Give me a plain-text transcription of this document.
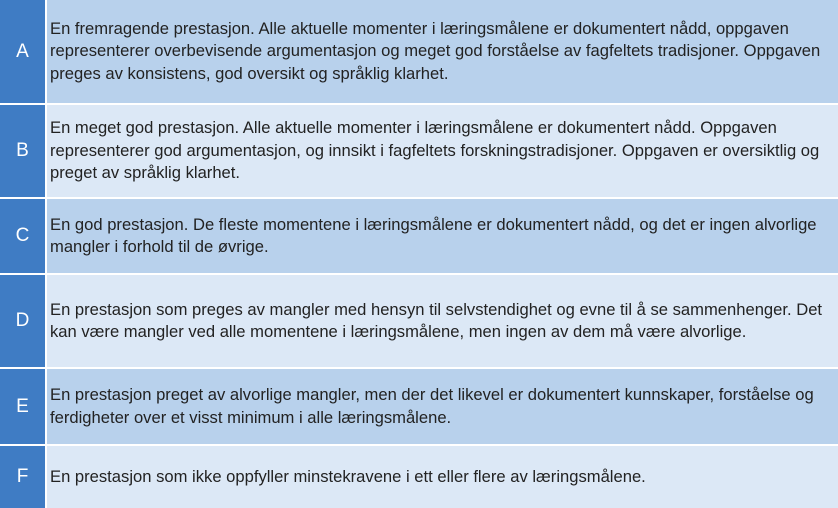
A
En fremragende prestasjon. Alle aktuelle momenter i læringsmålene er dokumentert nådd, oppgaven representerer overbevisende argumentasjon og meget god forståelse av fagfeltets tradisjoner. Oppgaven preges av konsistens, god oversikt og språklig klarhet.
B
En meget god prestasjon. Alle aktuelle momenter i læringsmålene er dokumentert nådd. Oppgaven representerer god argumentasjon, og innsikt i fagfeltets forskningstradisjoner. Oppgaven er oversiktlig og preget av språklig klarhet.
C
En god prestasjon. De fleste momentene i læringsmålene er dokumentert nådd, og det er ingen alvorlige mangler i forhold til de øvrige.
D
En prestasjon som preges av mangler med hensyn til selvstendighet og evne til å se sammenhenger. Det kan være mangler ved alle momentene i læringsmålene, men ingen av dem må være alvorlige.
E
En prestasjon preget av alvorlige mangler, men der det likevel er dokumentert kunnskaper, forståelse og ferdigheter over et visst minimum i alle læringsmålene.
F	En prestasjon som ikke oppfyller minstekravene i ett eller flere av læringsmålene.
